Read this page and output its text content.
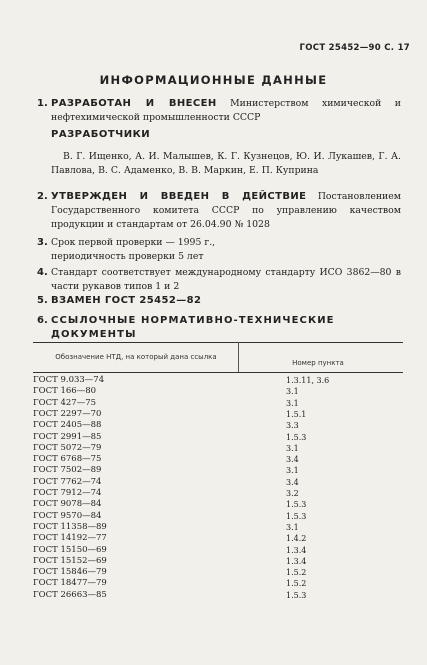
ГОСТ 25452—90 С. 17
ИНФОРМАЦИОННЫЕ ДАННЫЕ
1. РАЗРАБОТАН И ВНЕСЕН Министерством химической и нефтехимической промышленности СССР
РАЗРАБОТЧИКИ
В. Г. Ищенко, А. И. Малышев, К. Г. Кузнецов, Ю. И. Лукашев, Г. А. Павлова, В. С. Адаменко, В. В. Маркин, Е. П. Куприна
2. УТВЕРЖДЕН И ВВЕДЕН В ДЕЙСТВИЕ Постановлением Государственного комитета СССР по управлению качеством продукции и стандартам от 26.04.90 № 1028
3. Срок первой проверки — 1995 г., периодичность проверки 5 лет
4. Стандарт соответствует международному стандарту ИСО 3862—80 в части рукавов типов 1 и 2
5. ВЗАМЕН ГОСТ 25452—82
6. ССЫЛОЧНЫЕ НОРМАТИВНО-ТЕХНИЧЕСКИЕ ДОКУМЕНТЫ
Обозначение НТД, на который дана ссылка
Номер пункта
ГОСТ 9.033—74	1.3.11, 3.6
ГОСТ 166—80	3.1
ГОСТ 427—75	3.1
ГОСТ 2297—70	1.5.1
ГОСТ 2405—88	3.3
ГОСТ 2991—85	1.5.3
ГОСТ 5072—79	3.1
ГОСТ 6768—75	3.4
ГОСТ 7502—89	3.1
ГОСТ 7762—74	3.4
ГОСТ 7912—74	3.2
ГОСТ 9078—84	1.5.3
ГОСТ 9570—84	1.5.3
ГОСТ 11358—89	3.1
ГОСТ 14192—77	1.4.2
ГОСТ 15150—69	1.3.4
ГОСТ 15152—69	1.3.4
ГОСТ 15846—79	1.5.2
ГОСТ 18477—79	1.5.2
ГОСТ 26663—85	1.5.3
